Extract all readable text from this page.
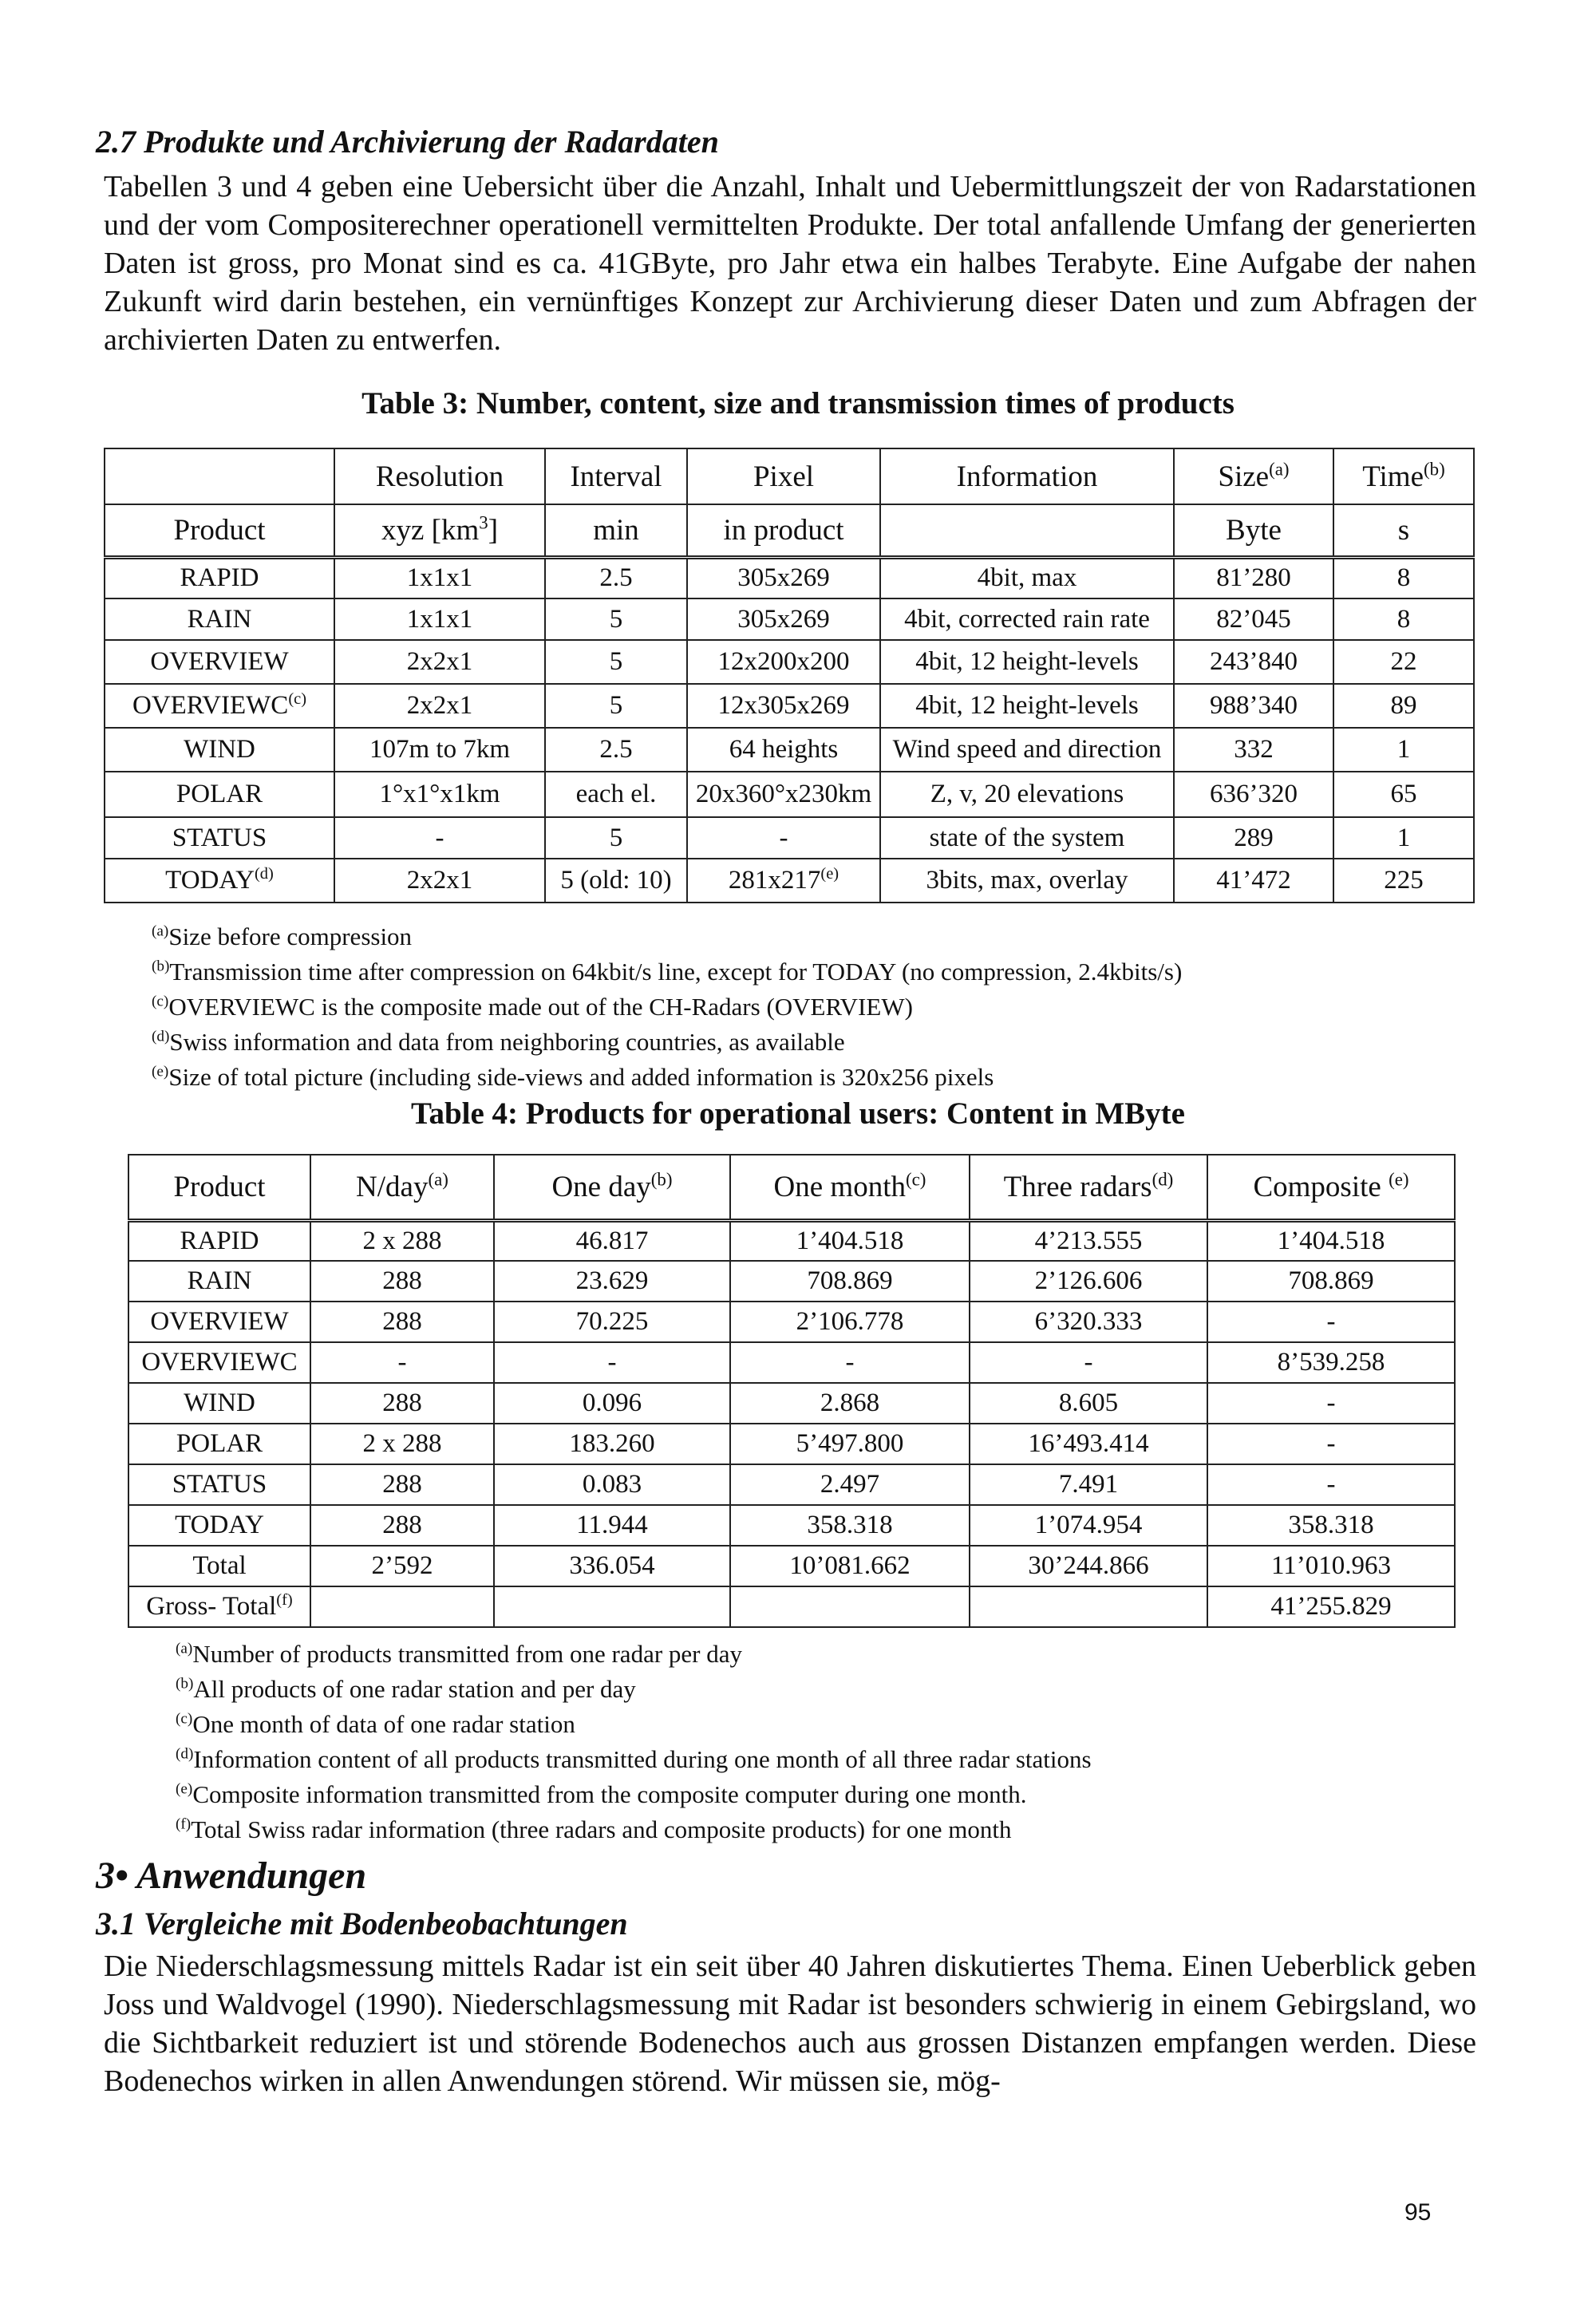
2.7 Produkte und Archivierung der Radardaten

Tabellen 3 und 4 geben eine Uebersicht über die Anzahl, Inhalt und Uebermittlungszeit der von Radarstationen und der vom Compositerechner operationell vermittelten Produkte. Der total anfallende Umfang der generierten Daten ist gross, pro Monat sind es ca. 41GByte, pro Jahr etwa ein halbes Terabyte. Eine Aufgabe der nahen Zukunft wird darin bestehen, ein vernünftiges Konzept zur Archivierung dieser Daten und zum Abfragen der archivierten Daten zu entwerfen.

Table 3: Number, content, size and transmission times of products

	Resolution	Interval	Pixel	Information	Size$^{(a)}$	Time$^{(b)}$
Product	xyz $[km^3]$	min	in product		Byte	s
RAPID	1x1x1	2.5	305x269	4bit, max	81’280	8
RAIN	1x1x1	5	305x269	4bit, corrected rain rate	82’045	8
OVERVIEW	2x2x1	5	12x200x200	4bit, 12 height-levels	243’840	22
OVERVIEWC$^{(c)}$	2x2x1	5	12x305x269	4bit, 12 height-levels	988’340	89
WIND	107m to 7km	2.5	64 heights	Wind speed and direction	332	1
POLAR	1°x1°x1km	each el.	20x360°x230km	Z, v, 20 elevations	636’320	65
STATUS	-	5	-	state of the system	289	1
TODAY$^{(d)}$	2x2x1	5 (old: 10)	281x217$^{(e)}$	3bits, max, overlay	41’472	225
$^{(a)}$Size before compression
$^{(b)}$Transmission time after compression on 64kbit/s line, except for TODAY (no compression, 2.4kbits/s)
$^{(c)}$OVERVIEWC is the composite made out of the CH-Radars (OVERVIEW)
$^{(d)}$Swiss information and data from neighboring countries, as available
$^{(e)}$Size of total picture (including side-views and added information is 320x256 pixels

Table 4: Products for operational users: Content in MByte

Product	N/day$^{(a)}$	One day$^{(b)}$	One month$^{(c)}$	Three radars$^{(d)}$	Composite $^{(e)}$
RAPID	2 x 288	46.817	1’404.518	4’213.555	1’404.518
RAIN	288	23.629	708.869	2’126.606	708.869
OVERVIEW	288	70.225	2’106.778	6’320.333	-
OVERVIEWC	-	-	-	-	8’539.258
WIND	288	0.096	2.868	8.605	-
POLAR	2 x 288	183.260	5’497.800	16’493.414	-
STATUS	288	0.083	2.497	7.491	-
TODAY	288	11.944	358.318	1’074.954	358.318
Total	2’592	336.054	10’081.662	30’244.866	11’010.963
Gross- Total$^{(f)}$					41’255.829
$^{(a)}$Number of products transmitted from one radar per day
$^{(b)}$All products of one radar station and per day
$^{(c)}$One month of data of one radar station
$^{(d)}$Information content of all products transmitted during one month of all three radar stations
$^{(e)}$Composite information transmitted from the composite computer during one month.
$^{(f)}$Total Swiss radar information (three radars and composite products) for one month
3• Anwendungen
3.1 Vergleiche mit Bodenbeobachtungen

Die Niederschlagsmessung mittels Radar ist ein seit über 40 Jahren diskutiertes Thema. Einen Ueberblick geben Joss und Waldvogel (1990). Niederschlagsmessung mit Radar ist besonders schwierig in einem Gebirgsland, wo die Sichtbarkeit reduziert ist und störende Bodenechos auch aus grossen Distanzen empfangen werden. Diese Bodenechos wirken in allen Anwendungen störend. Wir müssen sie, mög-

95
